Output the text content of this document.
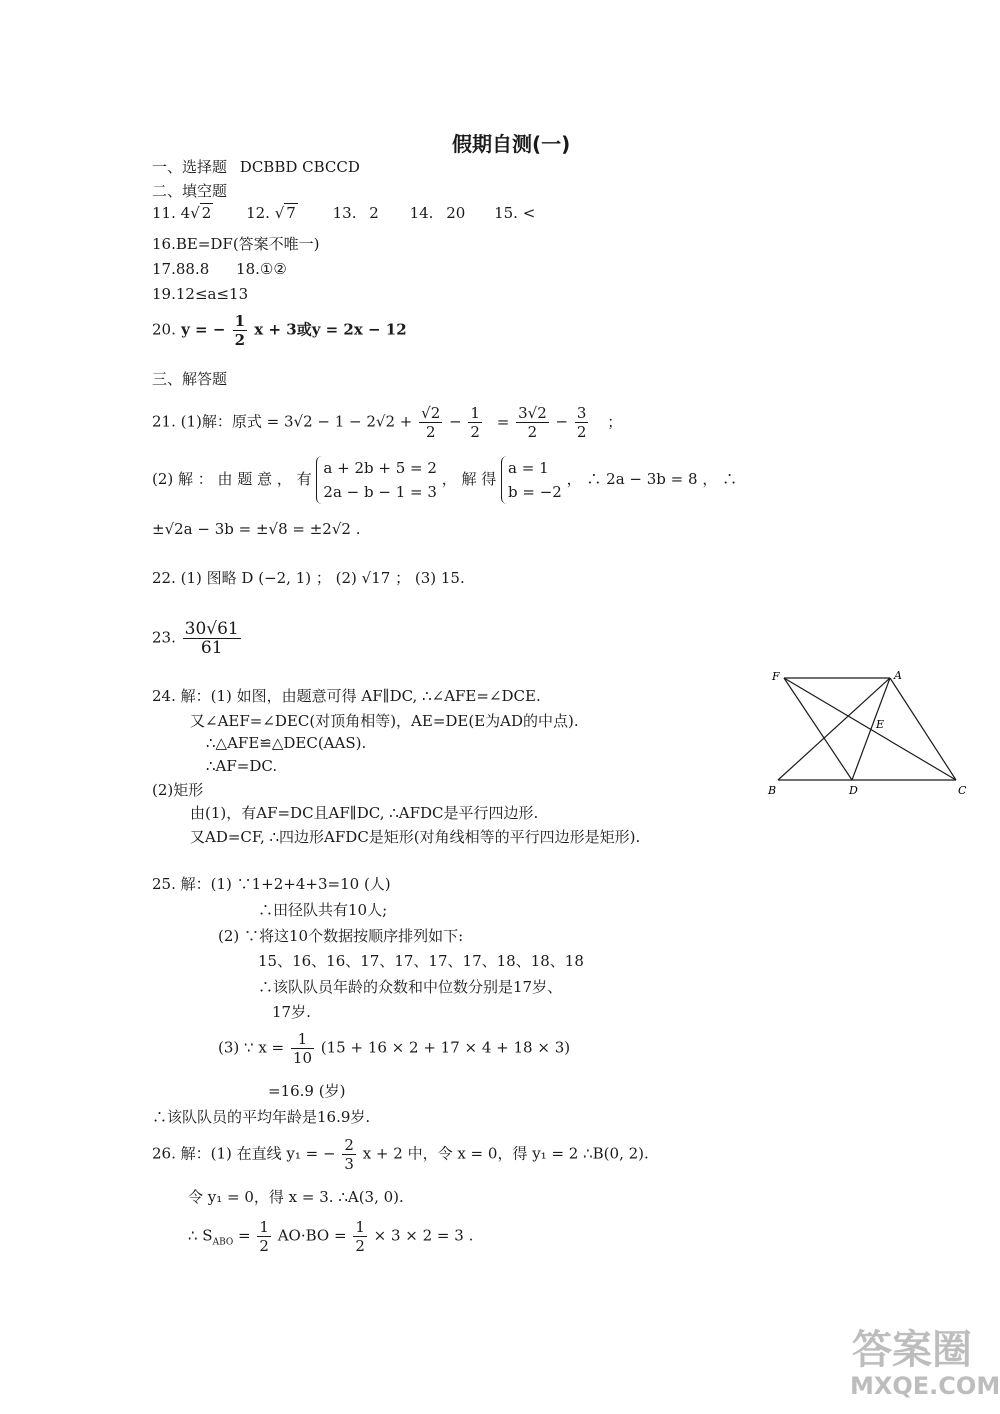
假期自测(一)
一、选择题 DCBBD CBCCD
二、填空题
11. 4√ 2 12. √ 7 13. 2 14. 20 15. <
16.BE=DF(答案不唯一)
17.88.8 18.①②
19.12≤a≤13
20. y = − $\frac{1}{2}$ x + 3或y = 2x − 12
三、解答题
21. (1)解：原式 = $3√2 - 1 - 2√2 + \frac{√2}{2} - \frac{1}{2} = \frac{3√2}{2} - \frac{3}{2}$ ；
(2) 解 ： 由 题 意 ， 有
a + 2b + 5 = 2
2a − b − 1 = 3
， 解 得
a = 1
b = −2
， ∴ 2a − 3b = 8 ， ∴
±√2a − 3b = ±√8 = ±2√2 .
22. (1) 图略 D (−2, 1) ； (2) √17 ； (3) 15.
23. $\frac{30√61}{61}$
24. 解：(1) 如图，由题意可得 AF∥DC, ∴∠AFE=∠DCE.
又∠AEF=∠DEC(对顶角相等)，AE=DE(E为AD的中点).
∴△AFE≌△DEC(AAS).
∴AF=DC.
(2)矩形
由(1)，有AF=DC且AF∥DC, ∴AFDC是平行四边形.
又AD=CF, ∴四边形AFDC是矩形(对角线相等的平行四边形是矩形).
F	A
E
B	D	C
25. 解：(1) ∵1+2+4+3=10 (人)
∴田径队共有10人;
(2) ∵将这10个数据按顺序排列如下:
15、16、16、17、17、17、17、18、18、18
∴该队队员年龄的众数和中位数分别是17岁、
17岁.
(3) ∵ $x = \frac{1}{10} (15 + 16 \times 2 + 17 \times 4 + 18 \times 3)$
=16.9 (岁)
∴该队队员的平均年龄是16.9岁.
26. 解：(1) 在直线 y₁ = − $\frac{2}{3}$ x + 2 中，令 x = 0，得 y₁ = 2 ∴B(0, 2).
令 y₁ = 0，得 x = 3. ∴A(3, 0).
∴ $S_{ABO} = \frac{1}{2} AO\cdot BO = \frac{1}{2} \times 3 \times 2 = 3$ .
答案圈
MXQE.COM
